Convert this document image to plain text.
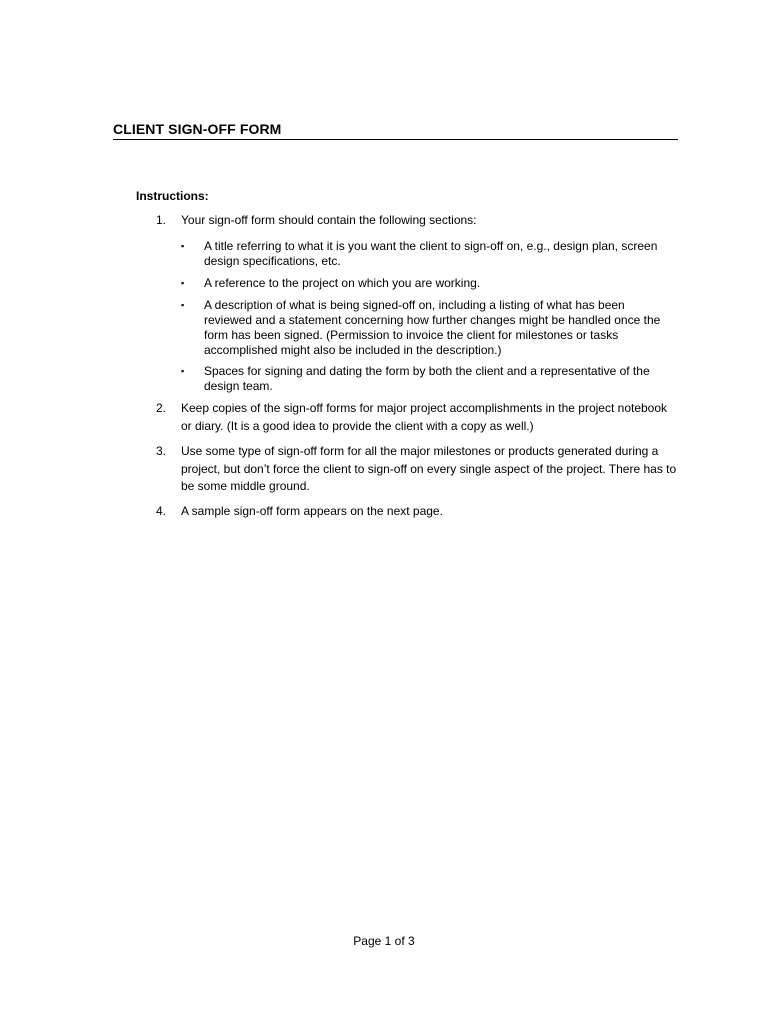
CLIENT SIGN-OFF FORM
Instructions:
1. Your sign-off form should contain the following sections:
▪ A title referring to what it is you want the client to sign-off on, e.g., design plan, screen design specifications, etc.
▪ A reference to the project on which you are working.
▪ A description of what is being signed-off on, including a listing of what has been reviewed and a statement concerning how further changes might be handled once the form has been signed. (Permission to invoice the client for milestones or tasks accomplished might also be included in the description.)
▪ Spaces for signing and dating the form by both the client and a representative of the design team.
2. Keep copies of the sign-off forms for major project accomplishments in the project notebook or diary. (It is a good idea to provide the client with a copy as well.)
3. Use some type of sign-off form for all the major milestones or products generated during a project, but don’t force the client to sign-off on every single aspect of the project. There has to be some middle ground.
4. A sample sign-off form appears on the next page.
Page 1 of 3
